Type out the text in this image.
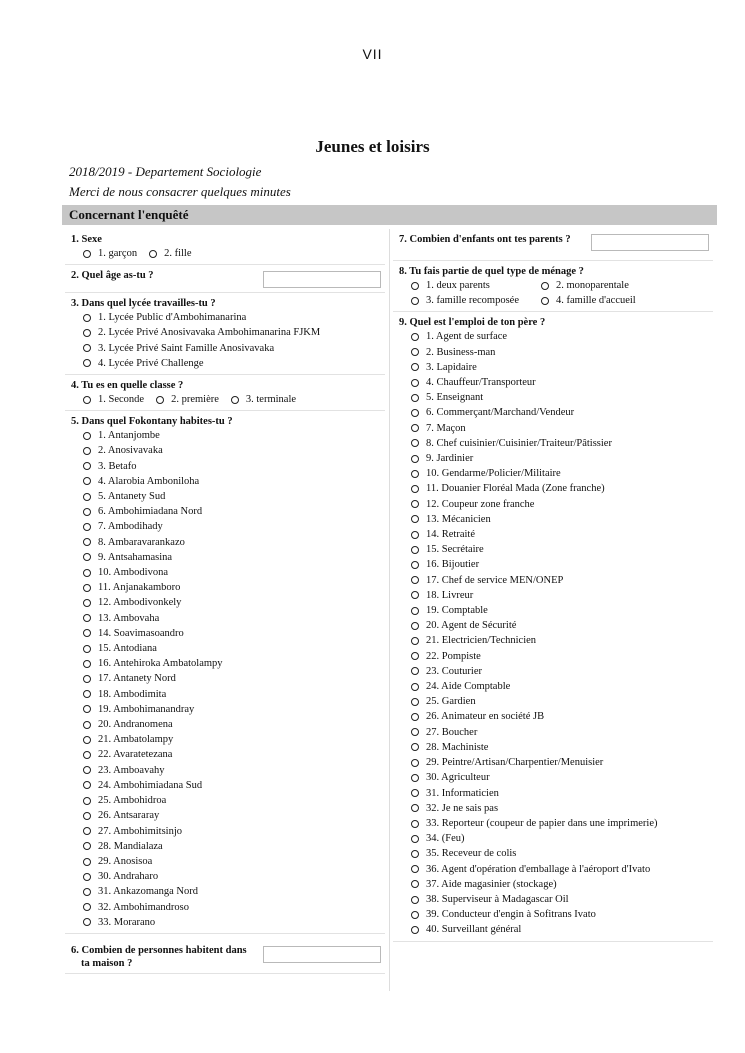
VII
Jeunes et loisirs
2018/2019 - Departement Sociologie
Merci de nous consacrer quelques minutes
Concernant l'enquêté
1. Sexe
1. garçon	2. fille
2. Quel âge as-tu ?
3. Dans quel lycée travailles-tu ?
1. Lycée Public d'Ambohimanarina
2. Lycée Privé Anosivavaka Ambohimanarina FJKM
3. Lycée Privé Saint Famille Anosivavaka
4. Lycée Privé Challenge
4. Tu es en quelle classe ?
1. Seconde	2. première	3. terminale
5. Dans quel Fokontany habites-tu ?
1. Antanjombe
2. Anosivavaka
3. Betafo
4. Alarobia Amboniloha
5. Antanety Sud
6. Ambohimiadana Nord
7. Ambodihady
8. Ambaravarankazo
9. Antsahamasina
10. Ambodivona
11. Anjanakamboro
12. Ambodivonkely
13. Ambovaha
14. Soavimasoandro
15. Antodiana
16. Antehiroka Ambatolampy
17. Antanety Nord
18. Ambodimita
19. Ambohimanandray
20. Andranomena
21. Ambatolampy
22. Avaratetezana
23. Amboavahy
24. Ambohimiadana Sud
25. Ambohidroa
26. Antsararay
27. Ambohimitsinjo
28. Mandialaza
29. Anosisoa
30. Andraharo
31. Ankazomanga Nord
32. Ambohimandroso
33. Morarano
6. Combien de personnes habitent dans
ta maison ?
7. Combien d'enfants ont tes parents ?
8. Tu fais partie de quel type de ménage ?
1. deux parents	2. monoparentale
3. famille recomposée	4. famille d'accueil
9. Quel est l'emploi de ton père ?
1. Agent de surface
2. Business-man
3. Lapidaire
4. Chauffeur/Transporteur
5. Enseignant
6. Commerçant/Marchand/Vendeur
7. Maçon
8. Chef cuisinier/Cuisinier/Traiteur/Pâtissier
9. Jardinier
10. Gendarme/Policier/Militaire
11. Douanier Floréal Mada (Zone franche)
12. Coupeur zone franche
13. Mécanicien
14. Retraité
15. Secrétaire
16. Bijoutier
17. Chef de service MEN/ONEP
18. Livreur
19. Comptable
20. Agent de Sécurité
21. Electricien/Technicien
22. Pompiste
23. Couturier
24. Aide Comptable
25. Gardien
26. Animateur en société JB
27. Boucher
28. Machiniste
29. Peintre/Artisan/Charpentier/Menuisier
30. Agriculteur
31. Informaticien
32. Je ne sais pas
33. Reporteur (coupeur de papier dans une imprimerie)
34. (Feu)
35. Receveur de colis
36. Agent d'opération d'emballage à l'aéroport d'Ivato
37. Aide magasinier (stockage)
38. Superviseur à Madagascar Oil
39. Conducteur d'engin à Sofitrans Ivato
40. Surveillant général
